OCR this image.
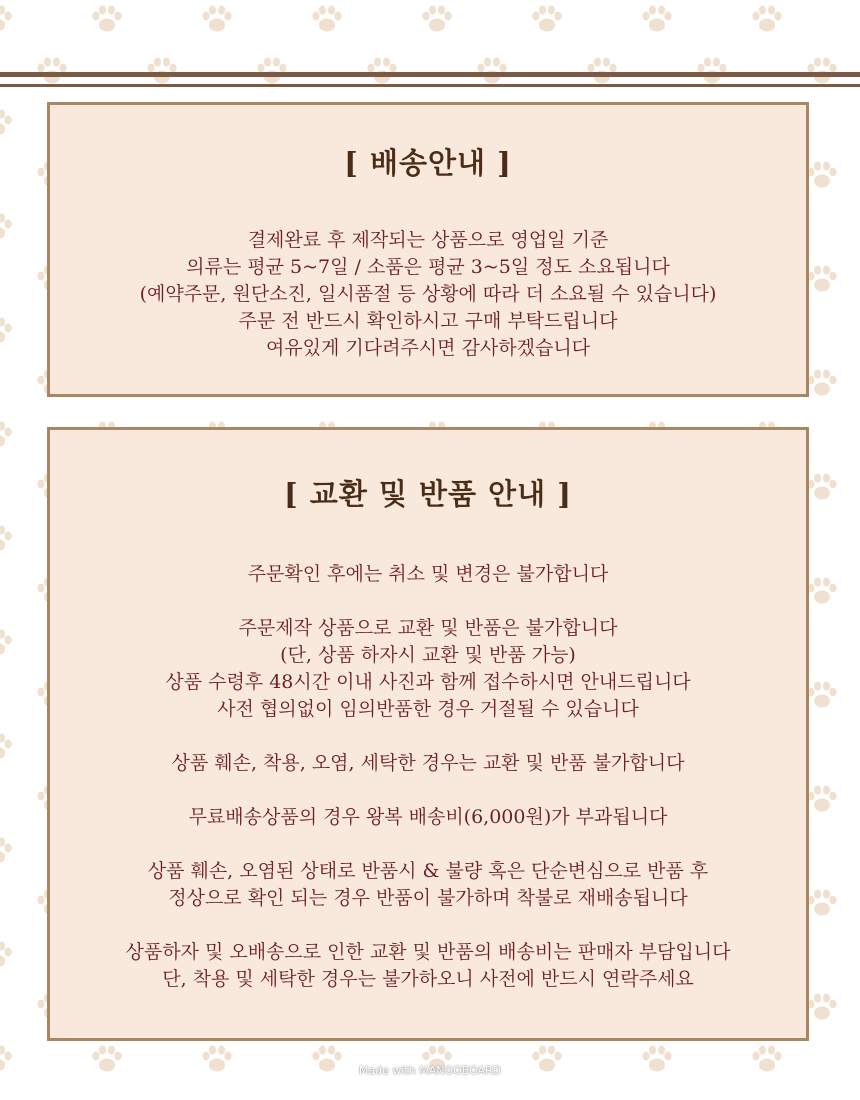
[ 배송안내 ]
결제완료 후 제작되는 상품으로 영업일 기준
의류는 평균 5~7일 / 소품은 평균 3~5일 정도 소요됩니다
(예약주문, 원단소진, 일시품절 등 상황에 따라 더 소요될 수 있습니다)
주문 전 반드시 확인하시고 구매 부탁드립니다
여유있게 기다려주시면 감사하겠습니다
[ 교환 및 반품 안내 ]
주문확인 후에는 취소 및 변경은 불가합니다
주문제작 상품으로 교환 및 반품은 불가합니다
(단, 상품 하자시 교환 및 반품 가능)
상품 수령후 48시간 이내 사진과 함께 접수하시면 안내드립니다
사전 협의없이 임의반품한 경우 거절될 수 있습니다
상품 훼손, 착용, 오염, 세탁한 경우는 교환 및 반품 불가합니다
무료배송상품의 경우 왕복 배송비(6,000원)가 부과됩니다
상품 훼손, 오염된 상태로 반품시 & 불량 혹은 단순변심으로 반품 후
정상으로 확인 되는 경우 반품이 불가하며 착불로 재배송됩니다
상품하자 및 오배송으로 인한 교환 및 반품의 배송비는 판매자 부담입니다
단, 착용 및 세탁한 경우는 불가하오니 사전에 반드시 연락주세요
Made with MANGOBOARD
